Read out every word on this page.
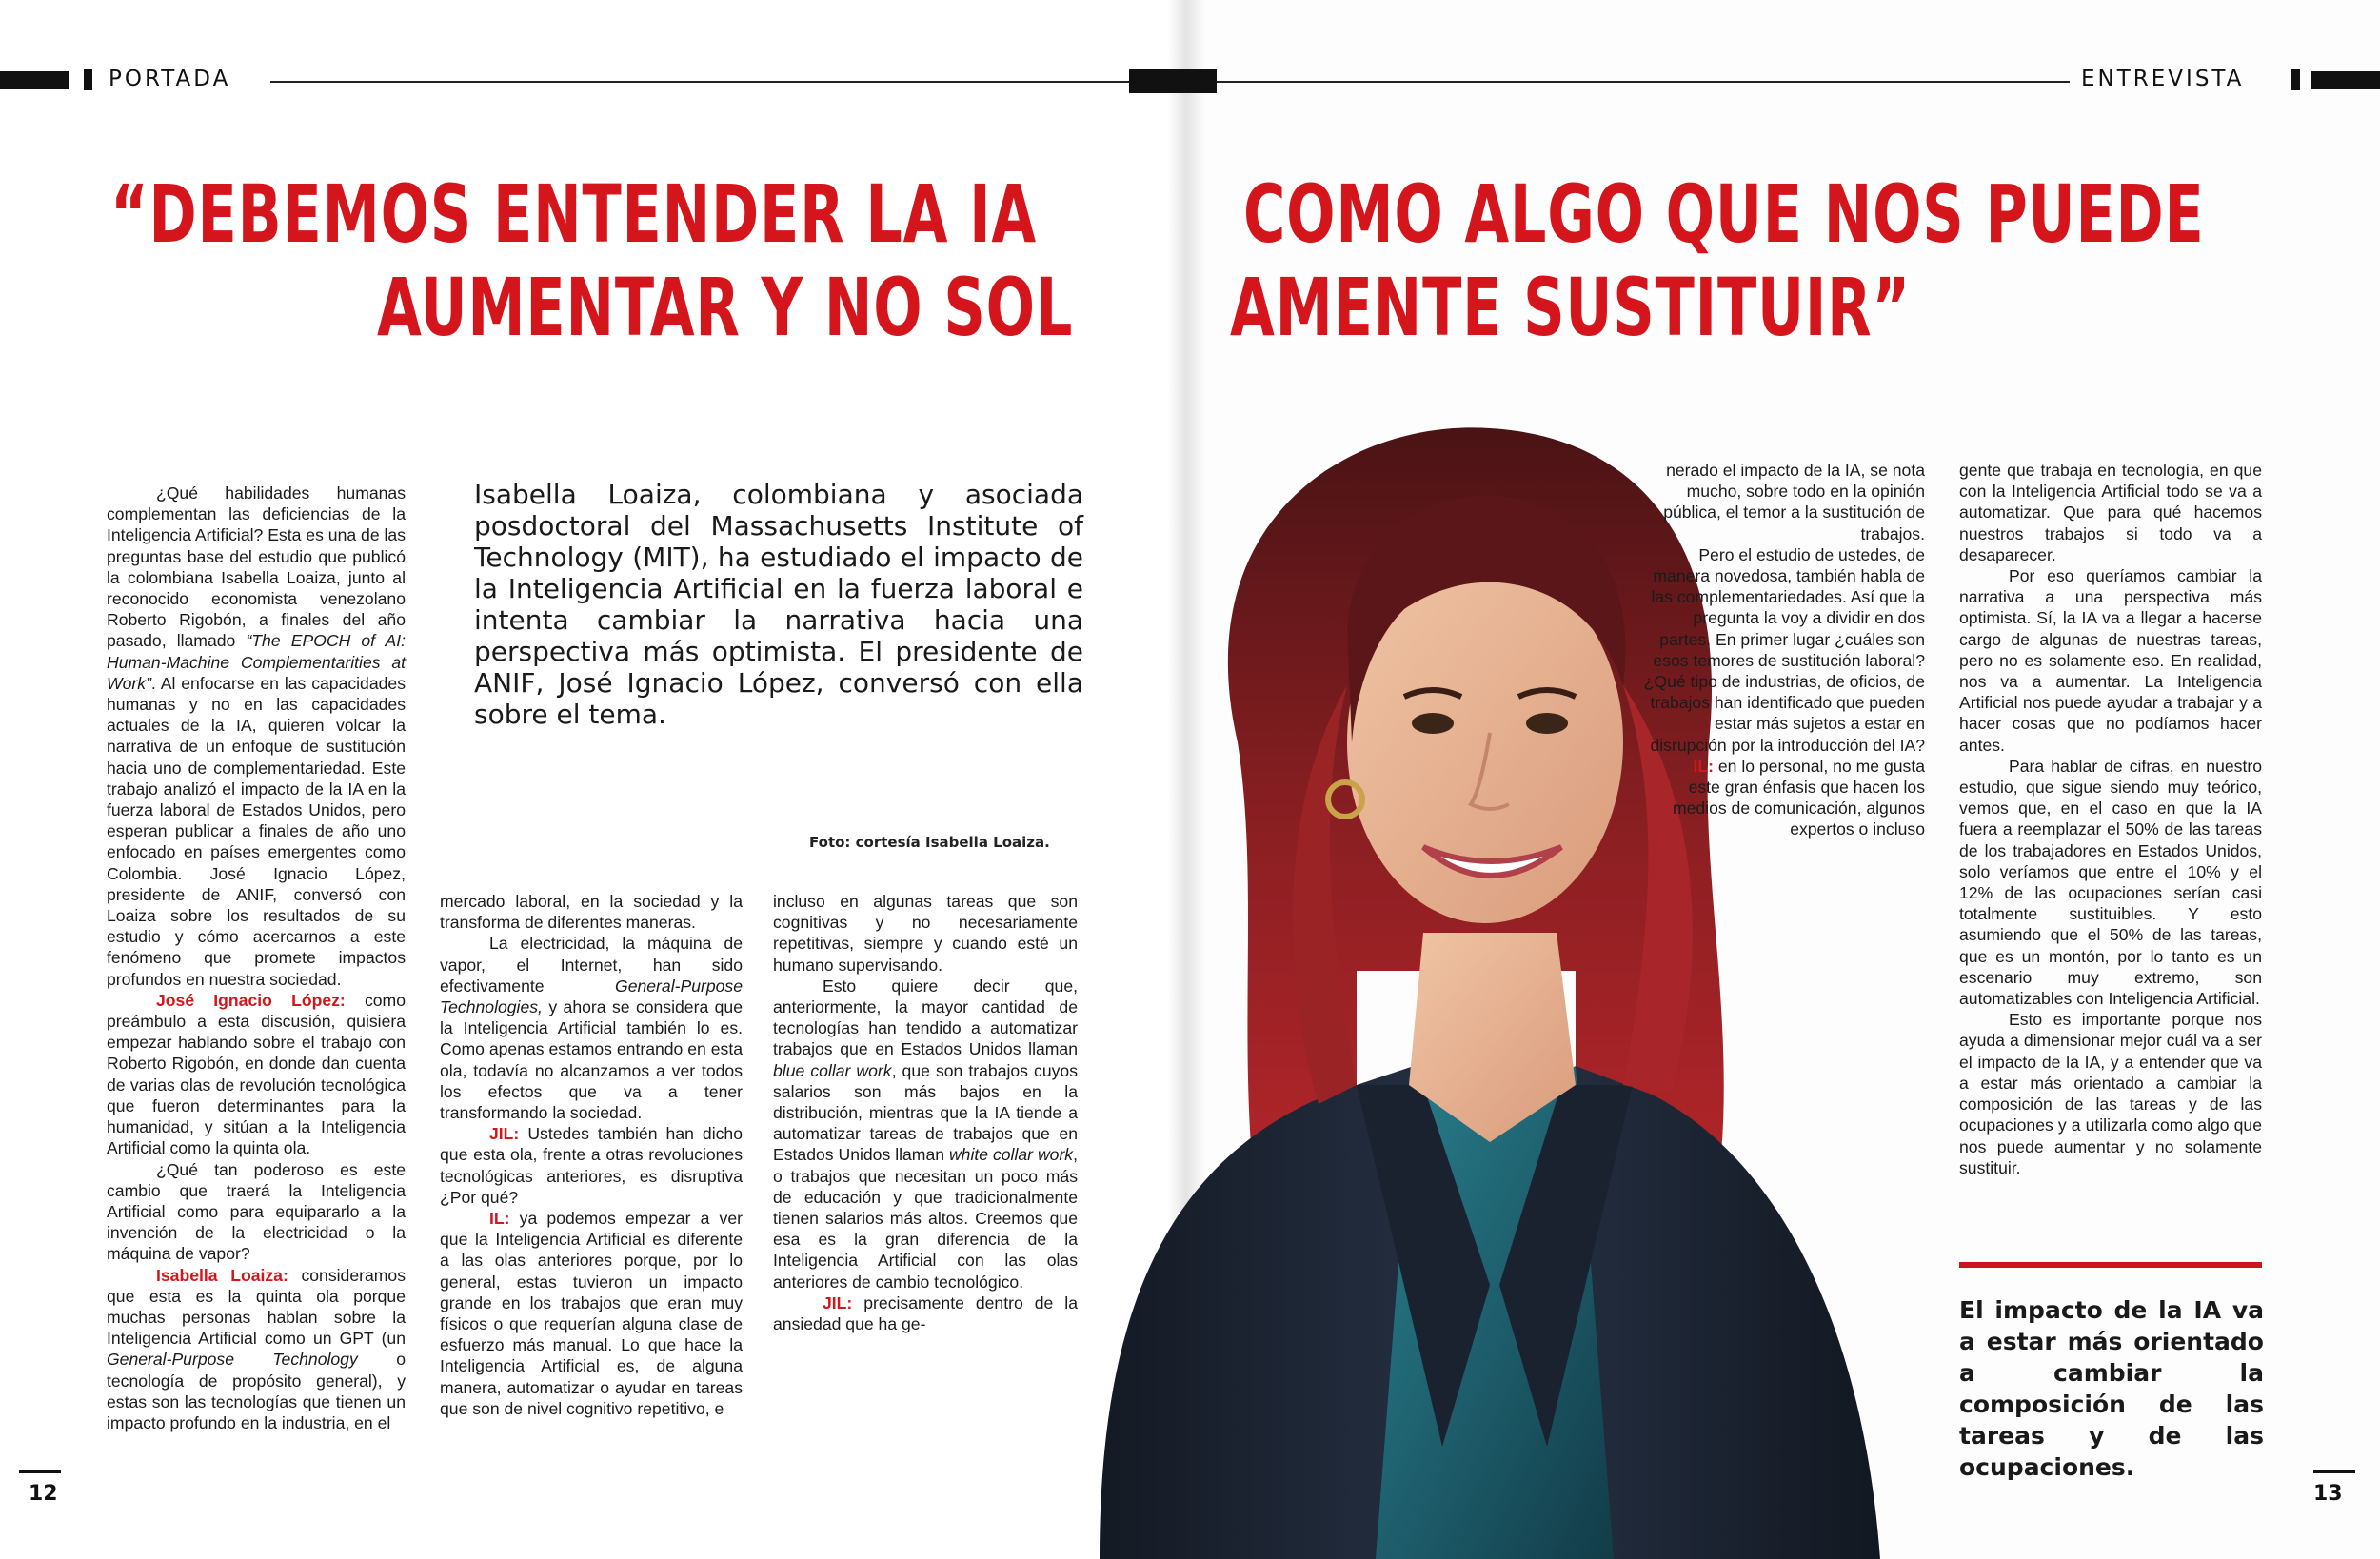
PORTADA	ENTREVISTA
“DEBEMOS ENTENDER LA IA
AUMENTAR Y NO SOL
COMO ALGO QUE NOS PUEDE
AMENTE SUSTITUIR”
Isabella Loaiza, colombiana y asociada posdoctoral del Massachusetts Institute of Technology (MIT), ha estudiado el impacto de la Inteligencia Artificial en la fuerza laboral e intenta cambiar la narrativa hacia una perspectiva más optimista. El presidente de ANIF, José Ignacio López, conversó con ella sobre el tema.
Foto: cortesía Isabella Loaiza.

¿Qué habilidades humanas complementan las deficiencias de la Inteligencia Artificial? Esta es una de las preguntas base del estudio que publicó la colombiana Isabella Loaiza, junto al reconocido economista venezolano Roberto Rigobón, a finales del año pasado, llamado “The EPOCH of AI: Human-Machine Complementarities at Work”. Al enfocarse en las capacidades humanas y no en las capacidades actuales de la IA, quieren volcar la narrativa de un enfoque de sustitución hacia uno de complementariedad. Este trabajo analizó el impacto de la IA en la fuerza laboral de Estados Unidos, pero esperan publicar a finales de año uno enfocado en países emergentes como Colombia. José Ignacio López, presidente de ANIF, conversó con Loaiza sobre los resultados de su estudio y cómo acercarnos a este fenómeno que promete impactos profundos en nuestra sociedad.

José Ignacio López: como preámbulo a esta discusión, quisiera empezar hablando sobre el trabajo con Roberto Rigobón, en donde dan cuenta de varias olas de revolución tecnológica que fueron determinantes para la humanidad, y sitúan a la Inteligencia Artificial como la quinta ola.

¿Qué tan poderoso es este cambio que traerá la Inteligencia Artificial como para equipararlo a la invención de la electricidad o la máquina de vapor?

Isabella Loaiza: consideramos que esta es la quinta ola porque muchas personas hablan sobre la Inteligencia Artificial como un GPT (un General-Purpose Technology o tecnología de propósito general), y estas son las tecnologías que tienen un impacto profundo en la industria, en el

mercado laboral, en la sociedad y la transforma de diferentes maneras.

La electricidad, la máquina de vapor, el Internet, han sido efectivamente General-Purpose Technologies, y ahora se considera que la Inteligencia Artificial también lo es. Como apenas estamos entrando en esta ola, todavía no alcanzamos a ver todos los efectos que va a tener transformando la sociedad.

JIL: Ustedes también han dicho que esta ola, frente a otras revoluciones tecnológicas anteriores, es disruptiva ¿Por qué?

IL: ya podemos empezar a ver que la Inteligencia Artificial es diferente a las olas anteriores porque, por lo general, estas tuvieron un impacto grande en los trabajos que eran muy físicos o que requerían alguna clase de esfuerzo más manual. Lo que hace la Inteligencia Artificial es, de alguna manera, automatizar o ayudar en tareas que son de nivel cognitivo repetitivo, e

incluso en algunas tareas que son cognitivas y no necesariamente repetitivas, siempre y cuando esté un humano supervisando.

Esto quiere decir que, anteriormente, la mayor cantidad de tecnologías han tendido a automatizar trabajos que en Estados Unidos llaman blue collar work, que son trabajos cuyos salarios son más bajos en la distribución, mientras que la IA tiende a automatizar tareas de trabajos que en Estados Unidos llaman white collar work, o trabajos que necesitan un poco más de educación y que tradicionalmente tienen salarios más altos. Creemos que esa es la gran diferencia de la Inteligencia Artificial con las olas anteriores de cambio tecnológico.

JIL: precisamente dentro de la ansiedad que ha ge-

nerado el impacto de la IA, se nota mucho, sobre todo en la opinión pública, el temor a la sustitución de trabajos.

Pero el estudio de ustedes, de manera novedosa, también habla de las complementariedades. Así que la pregunta la voy a dividir en dos partes. En primer lugar ¿cuáles son esos temores de sustitución laboral? ¿Qué tipo de industrias, de oficios, de trabajos han identificado que pueden estar más sujetos a estar en disrupción por la introducción del IA?

IL: en lo personal, no me gusta este gran énfasis que hacen los medios de comunicación, algunos expertos o incluso

gente que trabaja en tecnología, en que con la Inteligencia Artificial todo se va a automatizar. Que para qué hacemos nuestros trabajos si todo va a desaparecer.

Por eso queríamos cambiar la narrativa a una perspectiva más optimista. Sí, la IA va a llegar a hacerse cargo de algunas de nuestras tareas, pero no es solamente eso. En realidad, nos va a aumentar. La Inteligencia Artificial nos puede ayudar a trabajar y a hacer cosas que no podíamos hacer antes.

Para hablar de cifras, en nuestro estudio, que sigue siendo muy teórico, vemos que, en el caso en que la IA fuera a reemplazar el 50% de las tareas de los trabajadores en Estados Unidos, solo veríamos que entre el 10% y el 12% de las ocupaciones serían casi totalmente sustituibles. Y esto asumiendo que el 50% de las tareas, que es un montón, por lo tanto es un escenario muy extremo, son automatizables con Inteligencia Artificial.

Esto es importante porque nos ayuda a dimensionar mejor cuál va a ser el impacto de la IA, y a entender que va a estar más orientado a cambiar la composición de las tareas y de las ocupaciones y a utilizarla como algo que nos puede aumentar y no solamente sustituir.

El impacto de la IA va a estar más orientado a cambiar la composición de las tareas y de las ocupaciones.
12	13
